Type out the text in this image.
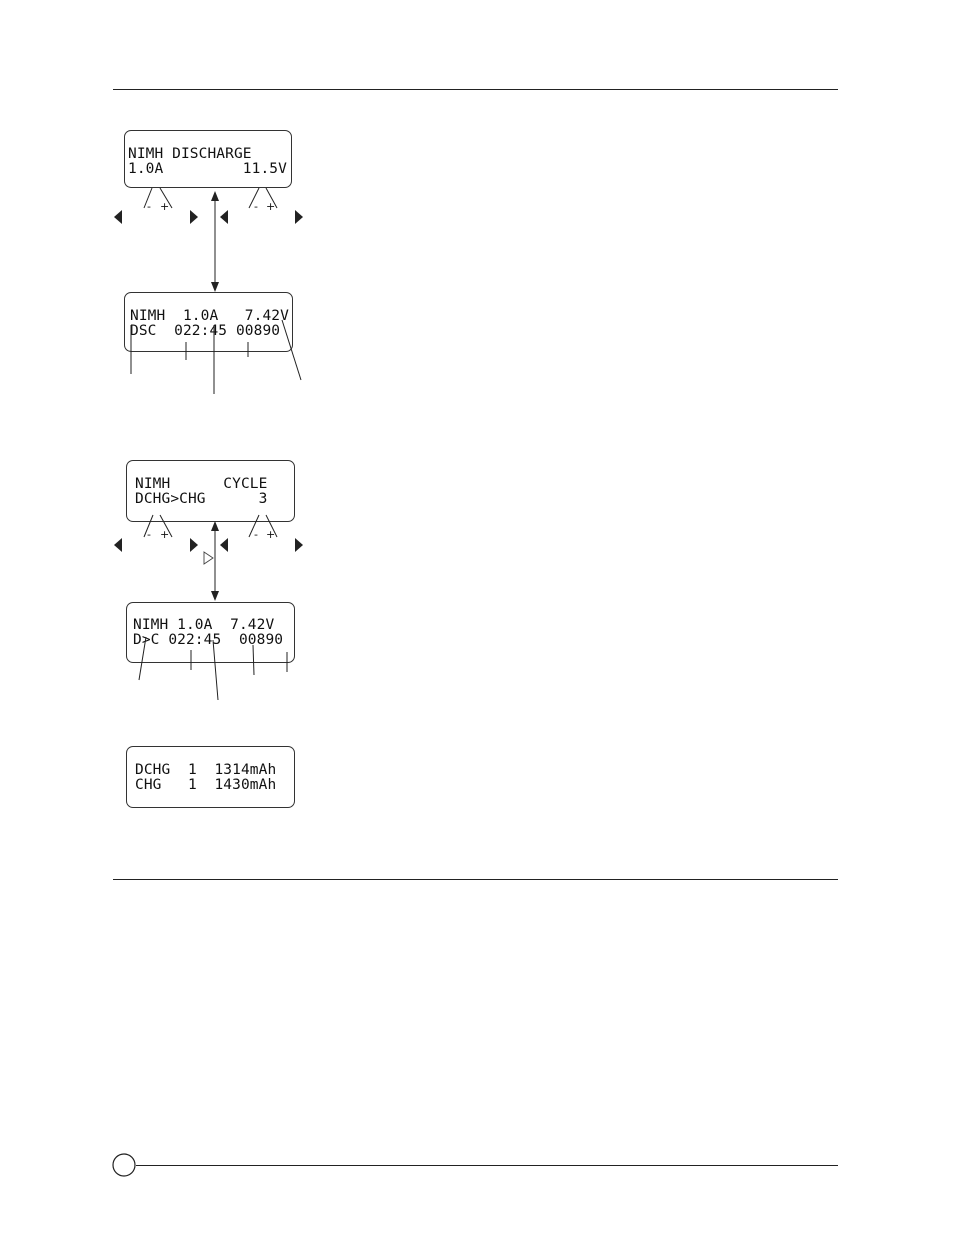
NIMH DISCHARGE
1.0A         11.5V
NIMH  1.0A   7.42V
DSC  022:45 00890
NIMH      CYCLE
DCHG>CHG      3
NIMH 1.0A  7.42V
D>C 022:45  00890
DCHG  1  1314mAh
CHG   1  1430mAh
- +	- +
- +	- +
